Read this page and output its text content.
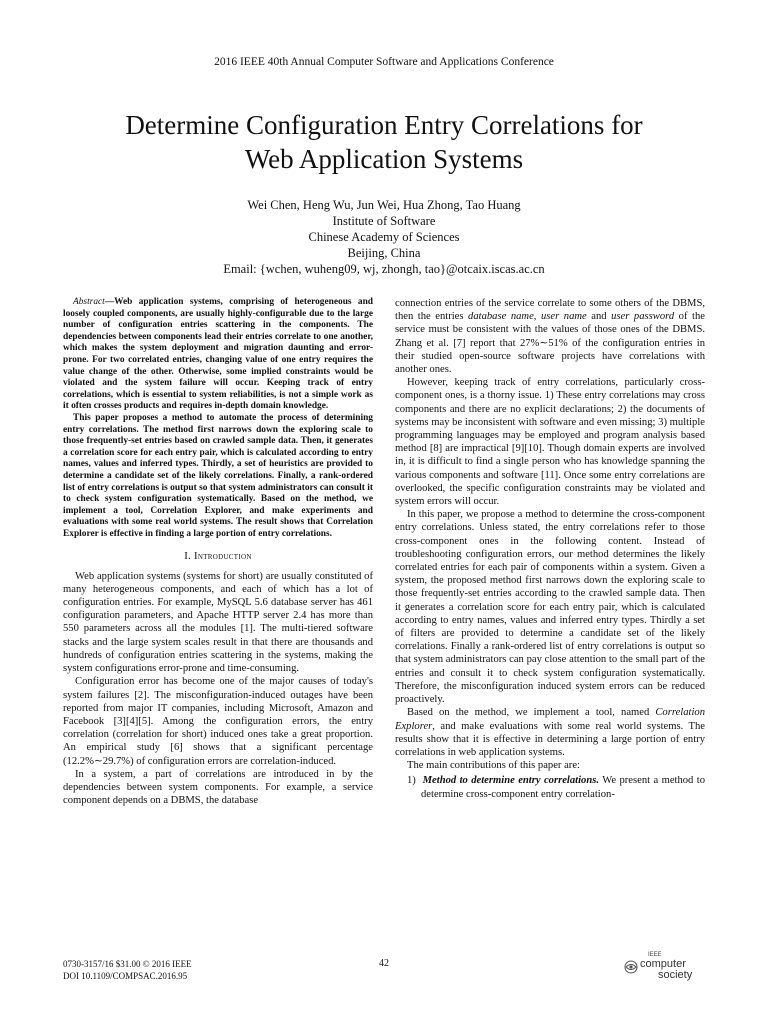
2016 IEEE 40th Annual Computer Software and Applications Conference
Determine Configuration Entry Correlations for
Web Application Systems
Wei Chen, Heng Wu, Jun Wei, Hua Zhong, Tao Huang
Institute of Software
Chinese Academy of Sciences
Beijing, China
Email: {wchen, wuheng09, wj, zhongh, tao}@otcaix.iscas.ac.cn

Abstract—Web application systems, comprising of heterogeneous and loosely coupled components, are usually highly-configurable due to the large number of configuration entries scattering in the components. The dependencies between components lead their entries correlate to one another, which makes the system deployment and migration daunting and error-prone. For two correlated entries, changing value of one entry requires the value change of the other. Otherwise, some implied constraints would be violated and the system failure will occur. Keeping track of entry correlations, which is essential to system reliabilities, is not a simple work as it often crosses products and requires in-depth domain knowledge.

This paper proposes a method to automate the process of determining entry correlations. The method first narrows down the exploring scale to those frequently-set entries based on crawled sample data. Then, it generates a correlation score for each entry pair, which is calculated according to entry names, values and inferred types. Thirdly, a set of heuristics are provided to determine a candidate set of the likely correlations. Finally, a rank-ordered list of entry correlations is output so that system administrators can consult it to check system configuration systematically. Based on the method, we implement a tool, Correlation Explorer, and make experiments and evaluations with some real world systems. The result shows that Correlation Explorer is effective in finding a large portion of entry correlations.

I. Introduction

Web application systems (systems for short) are usually constituted of many heterogeneous components, and each of which has a lot of configuration entries. For example, MySQL 5.6 database server has 461 configuration parameters, and Apache HTTP server 2.4 has more than 550 parameters across all the modules [1]. The multi-tiered software stacks and the large system scales result in that there are thousands and hundreds of configuration entries scattering in the systems, making the system configurations error-prone and time-consuming.

Configuration error has become one of the major causes of today's system failures [2]. The misconfiguration-induced outages have been reported from major IT companies, including Microsoft, Amazon and Facebook [3][4][5]. Among the configuration errors, the entry correlation (correlation for short) induced ones take a great proportion. An empirical study [6] shows that a significant percentage (12.2%∼29.7%) of configuration errors are correlation-induced.

In a system, a part of correlations are introduced in by the dependencies between system components. For example, a service component depends on a DBMS, the database

connection entries of the service correlate to some others of the DBMS, then the entries database name, user name and user password of the service must be consistent with the values of those ones of the DBMS. Zhang et al. [7] report that 27%∼51% of the configuration entries in their studied open-source software projects have correlations with another ones.

However, keeping track of entry correlations, particularly cross-component ones, is a thorny issue. 1) These entry correlations may cross components and there are no explicit declarations; 2) the documents of systems may be inconsistent with software and even missing; 3) multiple programming languages may be employed and program analysis based method [8] are impractical [9][10]. Though domain experts are involved in, it is difficult to find a single person who has knowledge spanning the various components and software [11]. Once some entry correlations are overlooked, the specific configuration constraints may be violated and system errors will occur.

In this paper, we propose a method to determine the cross-component entry correlations. Unless stated, the entry correlations refer to those cross-component ones in the following content. Instead of troubleshooting configuration errors, our method determines the likely correlated entries for each pair of components within a system. Given a system, the proposed method first narrows down the exploring scale to those frequently-set entries according to the crawled sample data. Then it generates a correlation score for each entry pair, which is calculated according to entry names, values and inferred entry types. Thirdly a set of filters are provided to determine a candidate set of the likely correlations. Finally a rank-ordered list of entry correlations is output so that system administrators can pay close attention to the small part of the entries and consult it to check system configuration systematically. Therefore, the misconfiguration induced system errors can be reduced proactively.

Based on the method, we implement a tool, named Correlation Explorer, and make evaluations with some real world systems. The results show that it is effective in determining a large portion of entry correlations in web application systems.

The main contributions of this paper are:

1) Method to determine entry correlations. We present a method to determine cross-component entry correlation-

0730-3157/16 $31.00 © 2016 IEEE
DOI 10.1109/COMPSAC.2016.95
42
IEEE
computer
society
